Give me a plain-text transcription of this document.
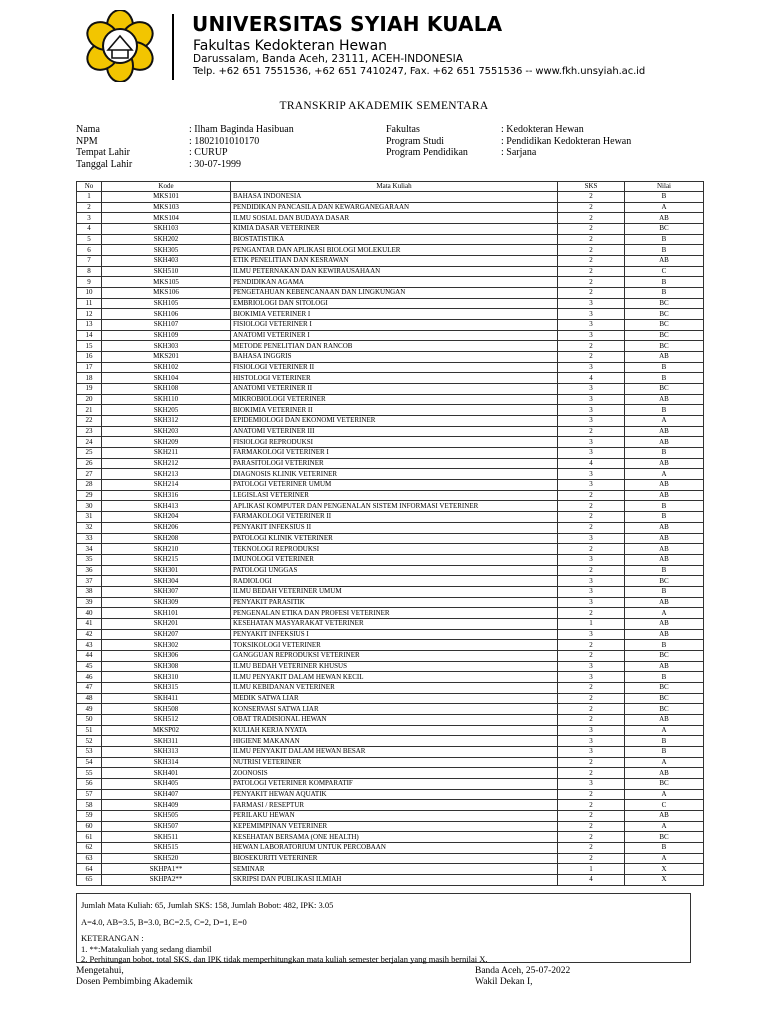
UNIVERSITAS SYIAH KUALA
Fakultas Kedokteran Hewan
Darussalam, Banda Aceh, 23111, ACEH-INDONESIA
Telp. +62 651 7551536, +62 651 7410247, Fax. +62 651 7551536 -- www.fkh.unsyiah.ac.id
TRANSKRIP AKADEMIK SEMENTARA
Nama	: Ilham Baginda Hasibuan
NPM	: 1802101010170
Tempat Lahir	: CURUP
Tanggal Lahir	: 30-07-1999
Fakultas	: Kedokteran Hewan
Program Studi	: Pendidikan Kedokteran Hewan
Program Pendidikan	: Sarjana
No	Kode	Mata Kuliah	SKS	Nilai
1	MKS101	BAHASA INDONESIA	2	B
2	MKS103	PENDIDIKAN PANCASILA DAN KEWARGANEGARAAN	2	A
3	MKS104	ILMU SOSIAL DAN BUDAYA DASAR	2	AB
4	SKH103	KIMIA DASAR VETERINER	2	BC
5	SKH202	BIOSTATISTIKA	2	B
6	SKH305	PENGANTAR DAN APLIKASI BIOLOGI MOLEKULER	2	B
7	SKH403	ETIK PENELITIAN DAN KESRAWAN	2	AB
8	SKH510	ILMU PETERNAKAN DAN KEWIRAUSAHAAN	2	C
9	MKS105	PENDIDIKAN AGAMA	2	B
10	MKS106	PENGETAHUAN KEBENCANAAN DAN LINGKUNGAN	2	B
11	SKH105	EMBRIOLOGI DAN SITOLOGI	3	BC
12	SKH106	BIOKIMIA VETERINER I	3	BC
13	SKH107	FISIOLOGI VETERINER I	3	BC
14	SKH109	ANATOMI VETERINER I	3	BC
15	SKH303	METODE PENELITIAN DAN RANCOB	2	BC
16	MKS201	BAHASA INGGRIS	2	AB
17	SKH102	FISIOLOGI VETERINER II	3	B
18	SKH104	HISTOLOGI VETERINER	4	B
19	SKH108	ANATOMI VETERINER II	3	BC
20	SKH110	MIKROBIOLOGI VETERINER	3	AB
21	SKH205	BIOKIMIA VETERINER II	3	B
22	SKH312	EPIDEMIOLOGI DAN EKONOMI VETERINER	3	A
23	SKH203	ANATOMI VETERINER III	2	AB
24	SKH209	FISIOLOGI REPRODUKSI	3	AB
25	SKH211	FARMAKOLOGI VETERINER I	3	B
26	SKH212	PARASITOLOGI VETERINER	4	AB
27	SKH213	DIAGNOSIS KLINIK VETERINER	3	A
28	SKH214	PATOLOGI VETERINER UMUM	3	AB
29	SKH316	LEGISLASI VETERINER	2	AB
30	SKH413	APLIKASI KOMPUTER DAN PENGENALAN SISTEM INFORMASI VETERINER	2	B
31	SKH204	FARMAKOLOGI VETERINER II	2	B
32	SKH206	PENYAKIT INFEKSIUS II	2	AB
33	SKH208	PATOLOGI KLINIK VETERINER	3	AB
34	SKH210	TEKNOLOGI REPRODUKSI	2	AB
35	SKH215	IMUNOLOGI VETERINER	3	AB
36	SKH301	PATOLOGI UNGGAS	2	B
37	SKH304	RADIOLOGI	3	BC
38	SKH307	ILMU BEDAH VETERINER UMUM	3	B
39	SKH309	PENYAKIT PARASITIK	3	AB
40	SKH101	PENGENALAN ETIKA DAN PROFESI VETERINER	2	A
41	SKH201	KESEHATAN MASYARAKAT VETERINER	1	AB
42	SKH207	PENYAKIT INFEKSIUS I	3	AB
43	SKH302	TOKSIKOLOGI VETERINER	2	B
44	SKH306	GANGGUAN REPRODUKSI VETERINER	2	BC
45	SKH308	ILMU BEDAH VETERINER KHUSUS	3	AB
46	SKH310	ILMU PENYAKIT DALAM HEWAN KECIL	3	B
47	SKH315	ILMU KEBIDANAN VETERINER	2	BC
48	SKH411	MEDIK SATWA LIAR	2	BC
49	SKH508	KONSERVASI SATWA LIAR	2	BC
50	SKH512	OBAT TRADISIONAL HEWAN	2	AB
51	MKSP02	KULIAH KERJA NYATA	3	A
52	SKH311	HIGIENE MAKANAN	3	B
53	SKH313	ILMU PENYAKIT DALAM HEWAN BESAR	3	B
54	SKH314	NUTRISI VETERINER	2	A
55	SKH401	ZOONOSIS	2	AB
56	SKH405	PATOLOGI VETERINER KOMPARATIF	3	BC
57	SKH407	PENYAKIT HEWAN AQUATIK	2	A
58	SKH409	FARMASI / RESEPTUR	2	C
59	SKH505	PERILAKU HEWAN	2	AB
60	SKH507	KEPEMIMPINAN VETERINER	2	A
61	SKH511	KESEHATAN BERSAMA (ONE HEALTH)	2	BC
62	SKH515	HEWAN LABORATORIUM UNTUK PERCOBAAN	2	B
63	SKH520	BIOSEKURITI VETERINER	2	A
64	SKHPA1**	SEMINAR	1	X
65	SKHPA2**	SKRIPSI DAN PUBLIKASI ILMIAH	4	X
Jumlah Mata Kuliah: 65, Jumlah SKS: 158, Jumlah Bobot: 482, IPK: 3.05
A=4.0, AB=3.5, B=3.0, BC=2.5, C=2, D=1, E=0
KETERANGAN :
1. **:Matakuliah yang sedang diambil
2. Perhitungan bobot, total SKS, dan IPK tidak memperhitungkan mata kuliah semester berjalan yang masih bernilai X.
Mengetahui,
Dosen Pembimbing Akademik
Banda Aceh, 25-07-2022
Wakil Dekan I,
